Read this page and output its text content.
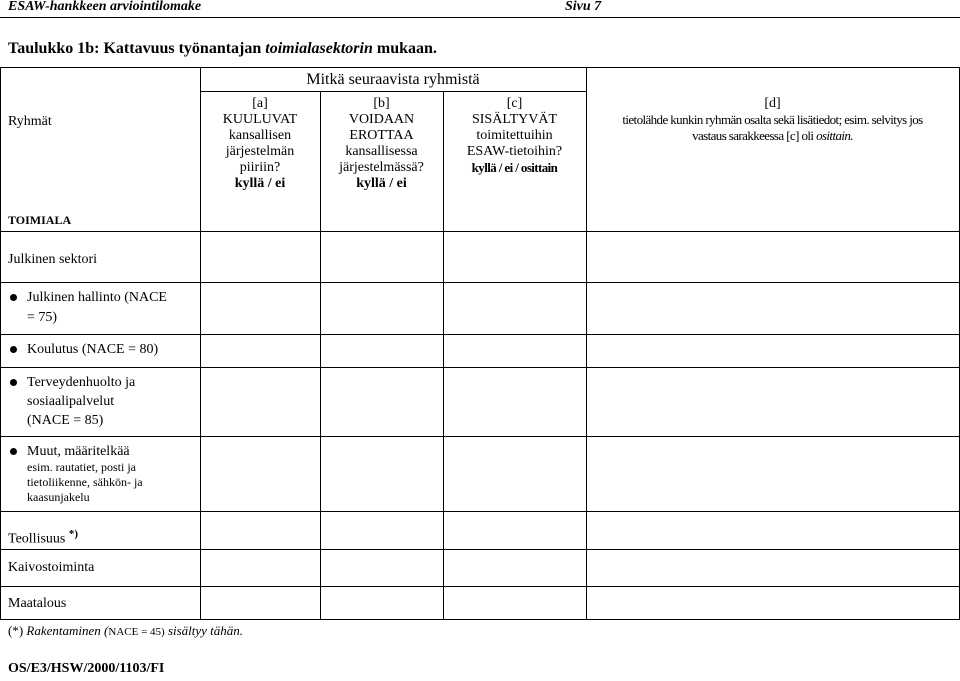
ESAW-hankkeen arviointilomake	Sivu 7
Taulukko 1b: Kattavuus työnantajan toimialasektorin mukaan.
Mitkä seuraavista ryhmistä
Ryhmät
TOIMIALA
[a]
KUULUVAT
kansallisen
järjestelmän
piiriin?
kyllä / ei
[b]
VOIDAAN
EROTTAA
kansallisessa
järjestelmässä?
kyllä / ei
[c]
SISÄLTYVÄT
toimitettuihin
ESAW-tietoihin?
kyllä / ei / osittain
[d]
tietolähde kunkin ryhmän osalta sekä lisätiedot; esim. selvitys jos
vastaus sarakkeessa [c] oli osittain.
Julkinen sektori
Julkinen hallinto (NACE
= 75)
Koulutus (NACE = 80)
Terveydenhuolto ja
sosiaalipalvelut
(NACE = 85)
Muut, määritelkää
esim. rautatiet, posti ja
tietoliikenne, sähkön- ja
kaasunjakelu
Teollisuus *)
Kaivostoiminta
Maatalous
(*) Rakentaminen (NACE = 45) sisältyy tähän.
OS/E3/HSW/2000/1103/FI
